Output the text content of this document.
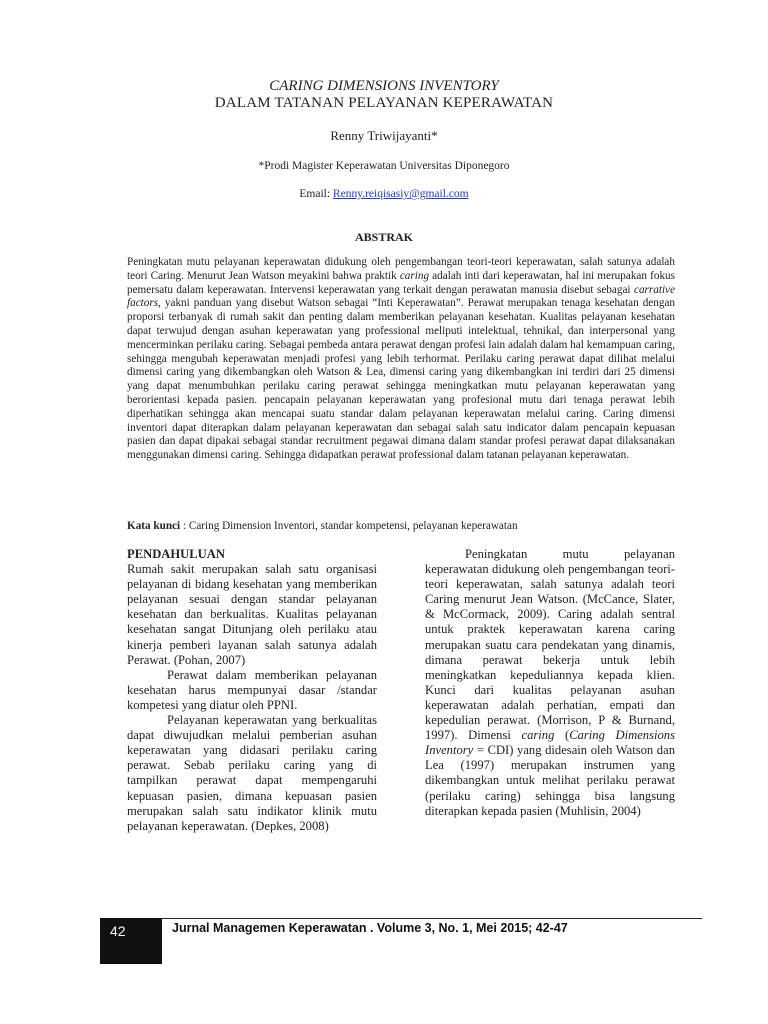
CARING DIMENSIONS INVENTORY
DALAM TATANAN PELAYANAN KEPERAWATAN
Renny Triwijayanti*
*Prodi Magister Keperawatan Universitas Diponegoro
Email: Renny.reiqisasiy@gmail.com
ABSTRAK
Peningkatan mutu pelayanan keperawatan didukung oleh pengembangan teori-teori keperawatan, salah satunya adalah teori Caring. Menurut Jean Watson meyakini bahwa praktik caring adalah inti dari keperawatan, hal ini merupakan fokus pemersatu dalam keperawatan. Intervensi keperawatan yang terkait dengan perawatan manusia disebut sebagai carrative factors, yakni panduan yang disebut Watson sebagai “Inti Keperawatan”. Perawat merupakan tenaga kesehatan dengan proporsi terbanyak di rumah sakit dan penting dalam memberikan pelayanan kesehatan. Kualitas pelayanan kesehatan dapat terwujud dengan asuhan keperawatan yang professional meliputi intelektual, tehnikal, dan interpersonal yang mencerminkan perilaku caring. Sebagai pembeda antara perawat dengan profesi lain adalah dalam hal kemampuan caring, sehingga mengubah keperawatan menjadi profesi yang lebih terhormat. Perilaku caring perawat dapat dilihat melalui dimensi caring yang dikembangkan oleh Watson & Lea, dimensi caring yang dikembangkan ini terdiri dari 25 dimensi yang dapat menumbuhkan perilaku caring perawat sehingga meningkatkan mutu pelayanan keperawatan yang berorientasi kepada pasien. pencapain pelayanan keperawatan yang profesional mutu dari tenaga perawat lebih diperhatikan sehingga akan mencapai suatu standar dalam pelayanan keperawatan melalui caring. Caring dimensi inventori dapat diterapkan dalam pelayanan keperawatan dan sebagai salah satu indicator dalam pencapain kepuasan pasien dan dapat dipakai sebagai standar recruitment pegawai dimana dalam standar profesi perawat dapat dilaksanakan menggunakan dimensi caring. Sehingga didapatkan perawat professional dalam tatanan pelayanan keperawatan.
Kata kunci : Caring Dimension Inventori, standar kompetensi, pelayanan keperawatan
PENDAHULUAN

Rumah sakit merupakan salah satu organisasi pelayanan di bidang kesehatan yang memberikan pelayanan sesuai dengan standar pelayanan kesehatan dan berkualitas. Kualitas pelayanan kesehatan sangat Ditunjang oleh perilaku atau kinerja pemberi layanan salah satunya adalah Perawat. (Pohan, 2007)

Perawat dalam memberikan pelayanan kesehatan harus mempunyai dasar /standar kompetesi yang diatur oleh PPNI.

Pelayanan keperawatan yang berkualitas dapat diwujudkan melalui pemberian asuhan keperawatan yang didasari perilaku caring perawat. Sebab perilaku caring yang di tampilkan perawat dapat mempengaruhi kepuasan pasien, dimana kepuasan pasien merupakan salah satu indikator klinik mutu pelayanan keperawatan. (Depkes, 2008)

Peningkatan mutu pelayanan keperawatan didukung oleh pengembangan teori-teori keperawatan, salah satunya adalah teori Caring menurut Jean Watson. (McCance, Slater, & McCormack, 2009). Caring adalah sentral untuk praktek keperawatan karena caring merupakan suatu cara pendekatan yang dinamis, dimana perawat bekerja untuk lebih meningkatkan kepeduliannya kepada klien. Kunci dari kualitas pelayanan asuhan keperawatan adalah perhatian, empati dan kepedulian perawat. (Morrison, P & Burnand, 1997). Dimensi caring (Caring Dimensions Inventory = CDI) yang didesain oleh Watson dan Lea (1997) merupakan instrumen yang dikembangkan untuk melihat perilaku perawat (perilaku caring) sehingga bisa langsung diterapkan kepada pasien (Muhlisin, 2004)

42	Jurnal Managemen Keperawatan . Volume 3, No. 1, Mei 2015; 42-47
